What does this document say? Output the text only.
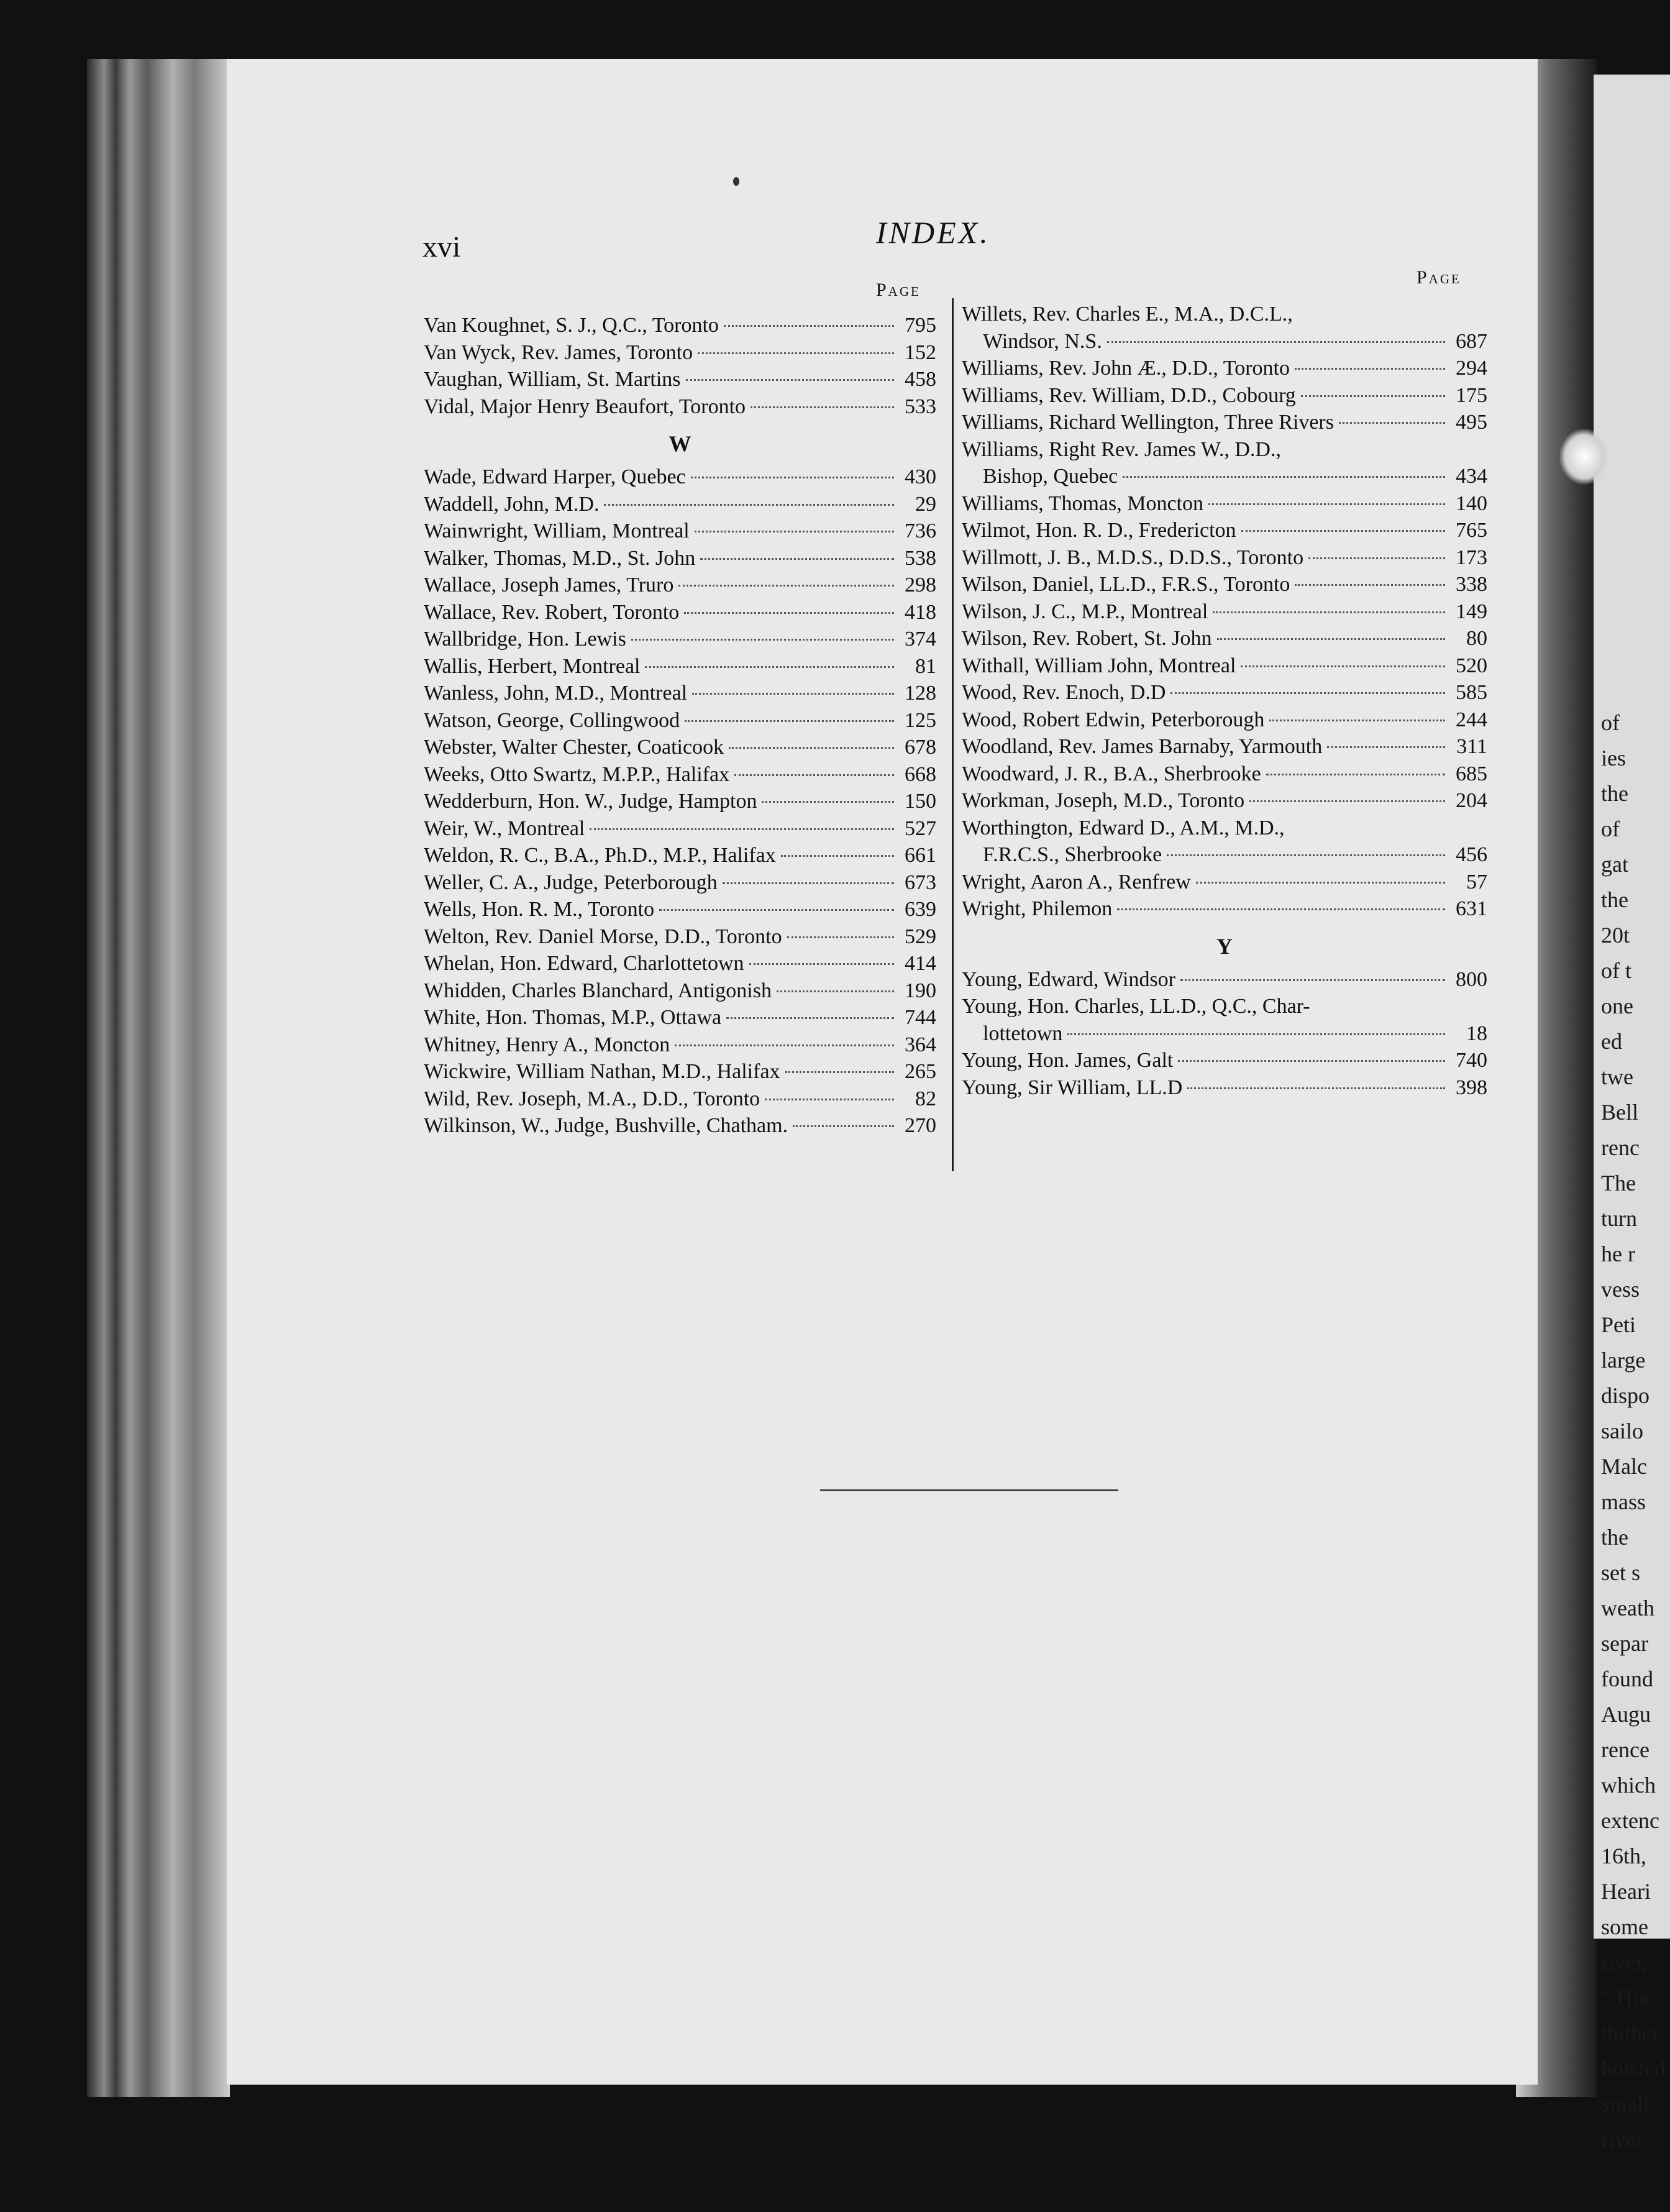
of
ies
the
of
gat
the
20t
of t
one
ed
twe
Bell
renc
The
turn
he r
vess
Peti
large
dispo
sailo
Malc
mass
the
set s
weath
separ
found
Augu
rence
which
extenc
16th,
Heari
some
river,
“ Hoc
thither
hoisted
small
river.
xvi	INDEX.
Page
Page
Van Koughnet, S. J., Q.C., Toronto	795
Van Wyck, Rev. James, Toronto	152
Vaughan, William, St. Martins	458
Vidal, Major Henry Beaufort, Toronto	533
W
Wade, Edward Harper, Quebec	430
Waddell, John, M.D.	29
Wainwright, William, Montreal	736
Walker, Thomas, M.D., St. John	538
Wallace, Joseph James, Truro	298
Wallace, Rev. Robert, Toronto	418
Wallbridge, Hon. Lewis	374
Wallis, Herbert, Montreal	81
Wanless, John, M.D., Montreal	128
Watson, George, Collingwood	125
Webster, Walter Chester, Coaticook	678
Weeks, Otto Swartz, M.P.P., Halifax	668
Wedderburn, Hon. W., Judge, Hampton	150
Weir, W., Montreal	527
Weldon, R. C., B.A., Ph.D., M.P., Halifax	661
Weller, C. A., Judge, Peterborough	673
Wells, Hon. R. M., Toronto	639
Welton, Rev. Daniel Morse, D.D., Toronto	529
Whelan, Hon. Edward, Charlottetown	414
Whidden, Charles Blanchard, Antigonish	190
White, Hon. Thomas, M.P., Ottawa	744
Whitney, Henry A., Moncton	364
Wickwire, William Nathan, M.D., Halifax	265
Wild, Rev. Joseph, M.A., D.D., Toronto	82
Wilkinson, W., Judge, Bushville, Chatham.	270
Willets, Rev. Charles E., M.A., D.C.L.,
Windsor, N.S.	687
Williams, Rev. John Æ., D.D., Toronto	294
Williams, Rev. William, D.D., Cobourg	175
Williams, Richard Wellington, Three Rivers	495
Williams, Right Rev. James W., D.D.,
Bishop, Quebec	434
Williams, Thomas, Moncton	140
Wilmot, Hon. R. D., Fredericton	765
Willmott, J. B., M.D.S., D.D.S., Toronto	173
Wilson, Daniel, LL.D., F.R.S., Toronto	338
Wilson, J. C., M.P., Montreal	149
Wilson, Rev. Robert, St. John	80
Withall, William John, Montreal	520
Wood, Rev. Enoch, D.D	585
Wood, Robert Edwin, Peterborough	244
Woodland, Rev. James Barnaby, Yarmouth	311
Woodward, J. R., B.A., Sherbrooke	685
Workman, Joseph, M.D., Toronto	204
Worthington, Edward D., A.M., M.D.,
F.R.C.S., Sherbrooke	456
Wright, Aaron A., Renfrew	57
Wright, Philemon	631
Y
Young, Edward, Windsor	800
Young, Hon. Charles, LL.D., Q.C., Char-
lottetown	18
Young, Hon. James, Galt	740
Young, Sir William, LL.D	398
